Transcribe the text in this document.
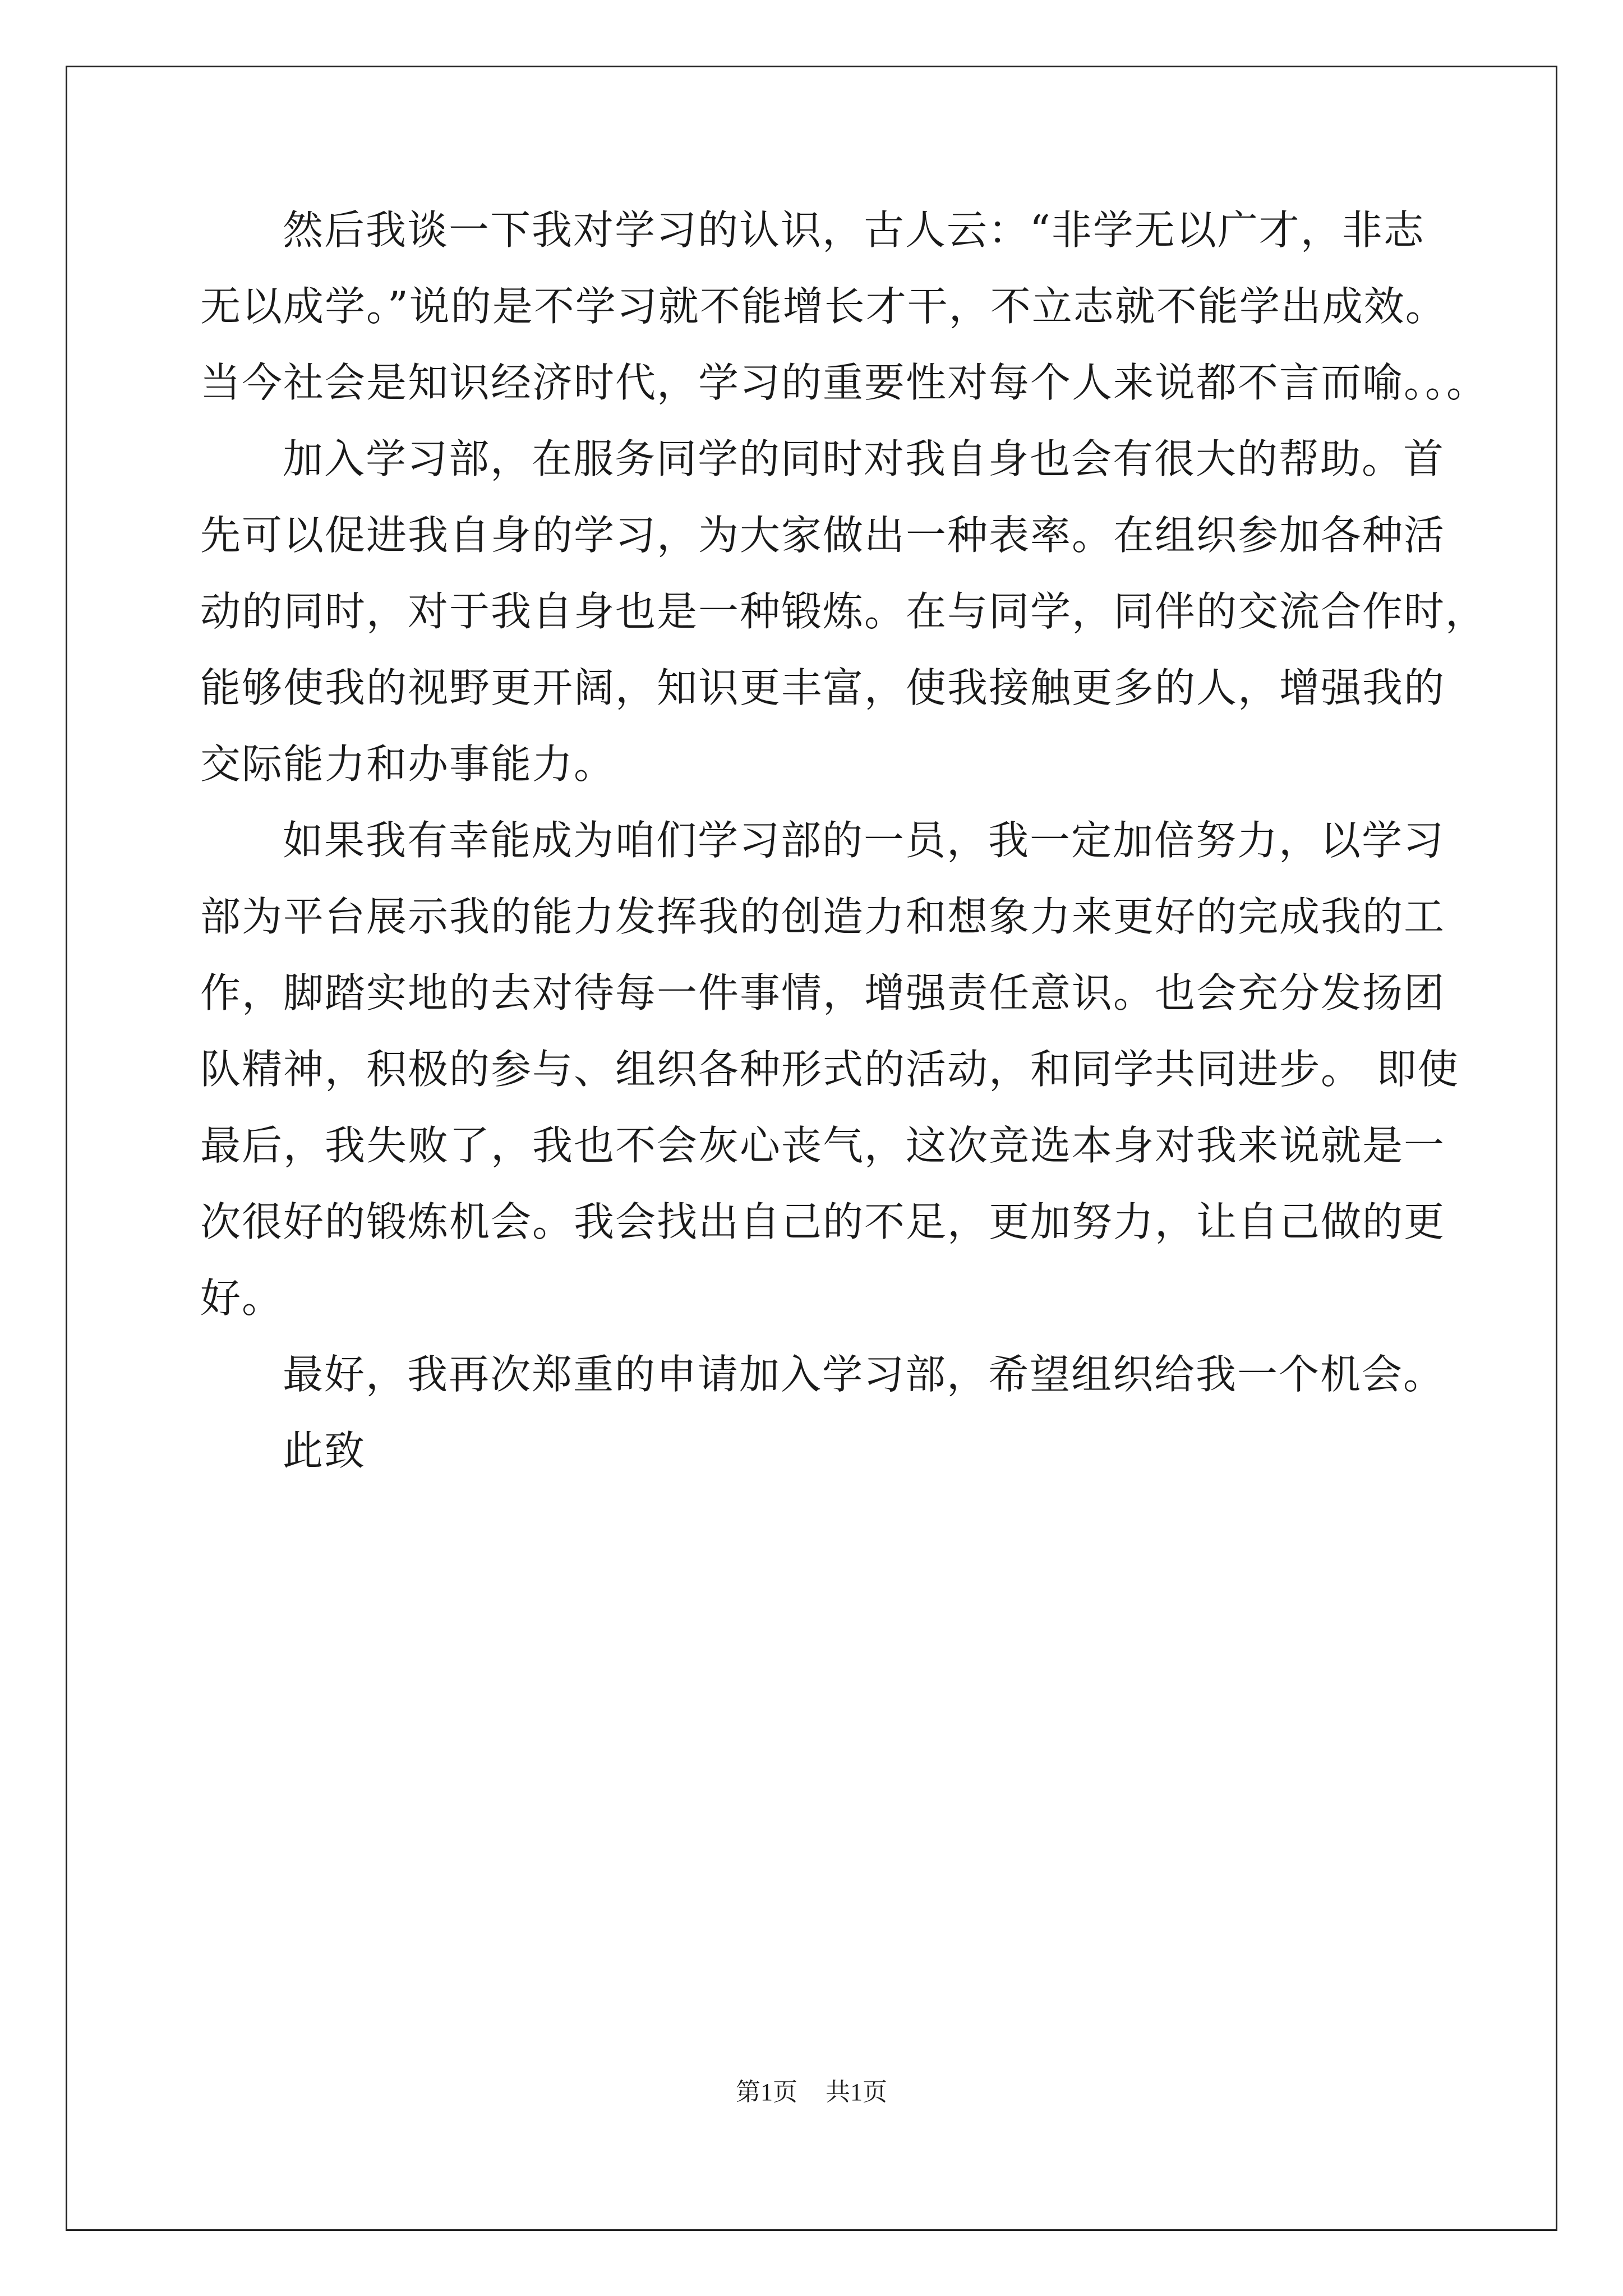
然后我谈一下我对学习的认识，古人云：“非学无以广才，非志
无以成学。”说的是不学习就不能增长才干，不立志就不能学出成效。
当今社会是知识经济时代，学习的重要性对每个人来说都不言而喻。。。
加入学习部，在服务同学的同时对我自身也会有很大的帮助。首
先可以促进我自身的学习，为大家做出一种表率。在组织参加各种活
动的同时，对于我自身也是一种锻炼。在与同学，同伴的交流合作时，
能够使我的视野更开阔，知识更丰富，使我接触更多的人，增强我的
交际能力和办事能力。
如果我有幸能成为咱们学习部的一员，我一定加倍努力，以学习
部为平台展示我的能力发挥我的创造力和想象力来更好的完成我的工
作，脚踏实地的去对待每一件事情，增强责任意识。也会充分发扬团
队精神，积极的参与、组织各种形式的活动，和同学共同进步。 即使
最后，我失败了，我也不会灰心丧气，这次竞选本身对我来说就是一
次很好的锻炼机会。我会找出自己的不足，更加努力，让自己做的更
好。
最好，我再次郑重的申请加入学习部，希望组织给我一个机会。
此致
第1页 共1页
